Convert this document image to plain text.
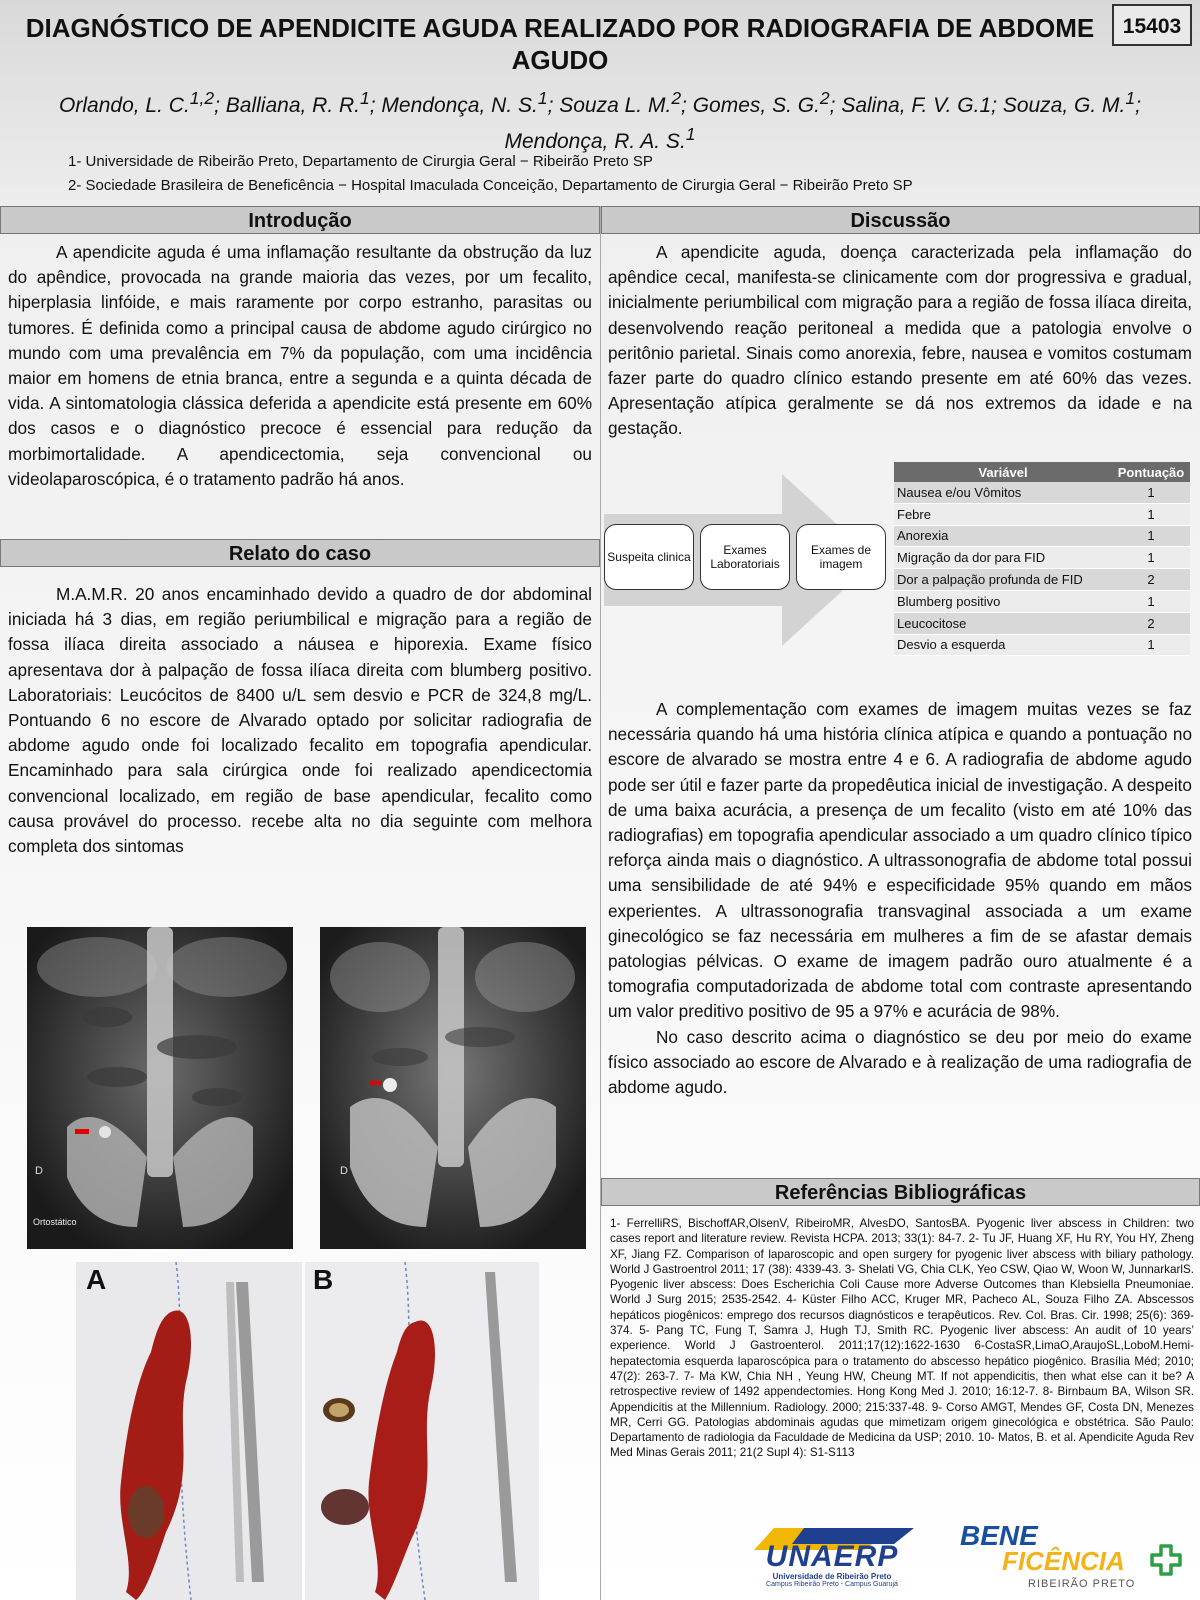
DIAGNÓSTICO DE APENDICITE AGUDA REALIZADO POR RADIOGRAFIA DE ABDOME AGUDO
15403
Orlando, L. C.$^{1,2}$; Balliana, R. R.$^1$; Mendonça, N. S.$^1$; Souza L. M.$^2$; Gomes, S. G.$^2$; Salina, F. V. G.1; Souza, G. M.$^1$; Mendonça, R. A. S.$^1$
1- Universidade de Ribeirão Preto, Departamento de Cirurgia Geral − Ribeirão Preto SP
2- Sociedade Brasileira de Beneficência − Hospital Imaculada Conceição, Departamento de Cirurgia Geral − Ribeirão Preto SP
Introdução

A apendicite aguda é uma inflamação resultante da obstrução da luz do apêndice, provocada na grande maioria das vezes, por um fecalito, hiperplasia linfóide, e mais raramente por corpo estranho, parasitas ou tumores. É definida como a principal causa de abdome agudo cirúrgico no mundo com uma prevalência em 7% da população, com uma incidência maior em homens de etnia branca, entre a segunda e a quinta década de vida. A sintomatologia clássica deferida a apendicite está presente em 60% dos casos e o diagnóstico precoce é essencial para redução da morbimortalidade. A apendicectomia, seja convencional ou videolaparoscópica, é o tratamento padrão há anos.

Relato do caso

M.A.M.R. 20 anos encaminhado devido a quadro de dor abdominal iniciada há 3 dias, em região periumbilical e migração para a região de fossa ilíaca direita associado a náusea e hiporexia. Exame físico apresentava dor à palpação de fossa ilíaca direita com blumberg positivo. Laboratoriais: Leucócitos de 8400 u/L sem desvio e PCR de 324,8 mg/L. Pontuando 6 no escore de Alvarado optado por solicitar radiografia de abdome agudo onde foi localizado fecalito em topografia apendicular. Encaminhado para sala cirúrgica onde foi realizado apendicectomia convencional localizado, em região de base apendicular, fecalito como causa provável do processo. recebe alta no dia seguinte com melhora completa dos sintomas

D
Ortostático
D
A	B
Discussão

A apendicite aguda, doença caracterizada pela inflamação do apêndice cecal, manifesta-se clinicamente com dor progressiva e gradual, inicialmente periumbilical com migração para a região de fossa ilíaca direita, desenvolvendo reação peritoneal a medida que a patologia envolve o peritônio parietal. Sinais como anorexia, febre, nausea e vomitos costumam fazer parte do quadro clínico estando presente em até 60% das vezes. Apresentação atípica geralmente se dá nos extremos da idade e na gestação.

Suspeita clinica	Exames Laboratoriais
Exames de imagem
Variável	Pontuação
Nausea e/ou Vômitos	1
Febre	1
Anorexia	1
Migração da dor para FID	1
Dor a palpação profunda de FID	2
Blumberg positivo	1
Leucocitose	2
Desvio a esquerda	1

A complementação com exames de imagem muitas vezes se faz necessária quando há uma história clínica atípica e quando a pontuação no escore de alvarado se mostra entre 4 e 6. A radiografia de abdome agudo pode ser útil e fazer parte da propedêutica inicial de investigação. A despeito de uma baixa acurácia, a presença de um fecalito (visto em até 10% das radiografias) em topografia apendicular associado a um quadro clínico típico reforça ainda mais o diagnóstico. A ultrassonografia de abdome total possui uma sensibilidade de até 94% e especificidade 95% quando em mãos experientes. A ultrassonografia transvaginal associada a um exame ginecológico se faz necessária em mulheres a fim de se afastar demais patologias pélvicas. O exame de imagem padrão ouro atualmente é a tomografia computadorizada de abdome total com contraste apresentando um valor preditivo positivo de 95 a 97% e acurácia de 98%.

No caso descrito acima o diagnóstico se deu por meio do exame físico associado ao escore de Alvarado e à realização de uma radiografia de abdome agudo.

Referências Bibliográficas
1- FerrelliRS, BischoffAR,OlsenV, RibeiroMR, AlvesDO, SantosBA. Pyogenic liver abscess in Children: two cases report and literature review. Revista HCPA. 2013; 33(1): 84-7. 2- Tu JF, Huang XF, Hu RY, You HY, Zheng XF, Jiang FZ. Comparison of laparoscopic and open surgery for pyogenic liver abscess with biliary pathology. World J Gastroentrol 2011; 17 (38): 4339-43. 3- Shelati VG, Chia CLK, Yeo CSW, Qiao W, Woon W, JunnarkarlS. Pyogenic liver abscess: Does Escherichia Coli Cause more Adverse Outcomes than Klebsiella Pneumoniae. World J Surg 2015; 2535-2542. 4- Küster Filho ACC, Kruger MR, Pacheco AL, Souza Filho ZA. Abscessos hepáticos piogênicos: emprego dos recursos diagnósticos e terapêuticos. Rev. Col. Bras. Cir. 1998; 25(6): 369-374. 5- Pang TC, Fung T, Samra J, Hugh TJ, Smith RC. Pyogenic liver abscess: An audit of 10 years’ experience. World J Gastroenterol. 2011;17(12):1622-1630 6-CostaSR,LimaO,AraujoSL,LoboM.Hemi-hepatectomia esquerda laparoscópica para o tratamento do abscesso hepático piogênico. Brasília Méd; 2010; 47(2): 263-7. 7- Ma KW, Chia NH , Yeung HW, Cheung MT. If not appendicitis, then what else can it be? A retrospective review of 1492 appendectomies. Hong Kong Med J. 2010; 16:12-7. 8- Birnbaum BA, Wilson SR. Appendicitis at the Millennium. Radiology. 2000; 215:337-48. 9- Corso AMGT, Mendes GF, Costa DN, Menezes MR, Cerri GG. Patologias abdominais agudas que mimetizam origem ginecológica e obstétrica. São Paulo: Departamento de radiologia da Faculdade de Medicina da USP; 2010. 10- Matos, B. et al. Apendicite Aguda Rev Med Minas Gerais 2011; 21(2 Supl 4): S1-S113
UNAERP
Universidade de Ribeirão Preto
Campus Ribeirão Preto - Campus Guarujá
BENE
FICÊNCIA
RIBEIRÃO PRETO
